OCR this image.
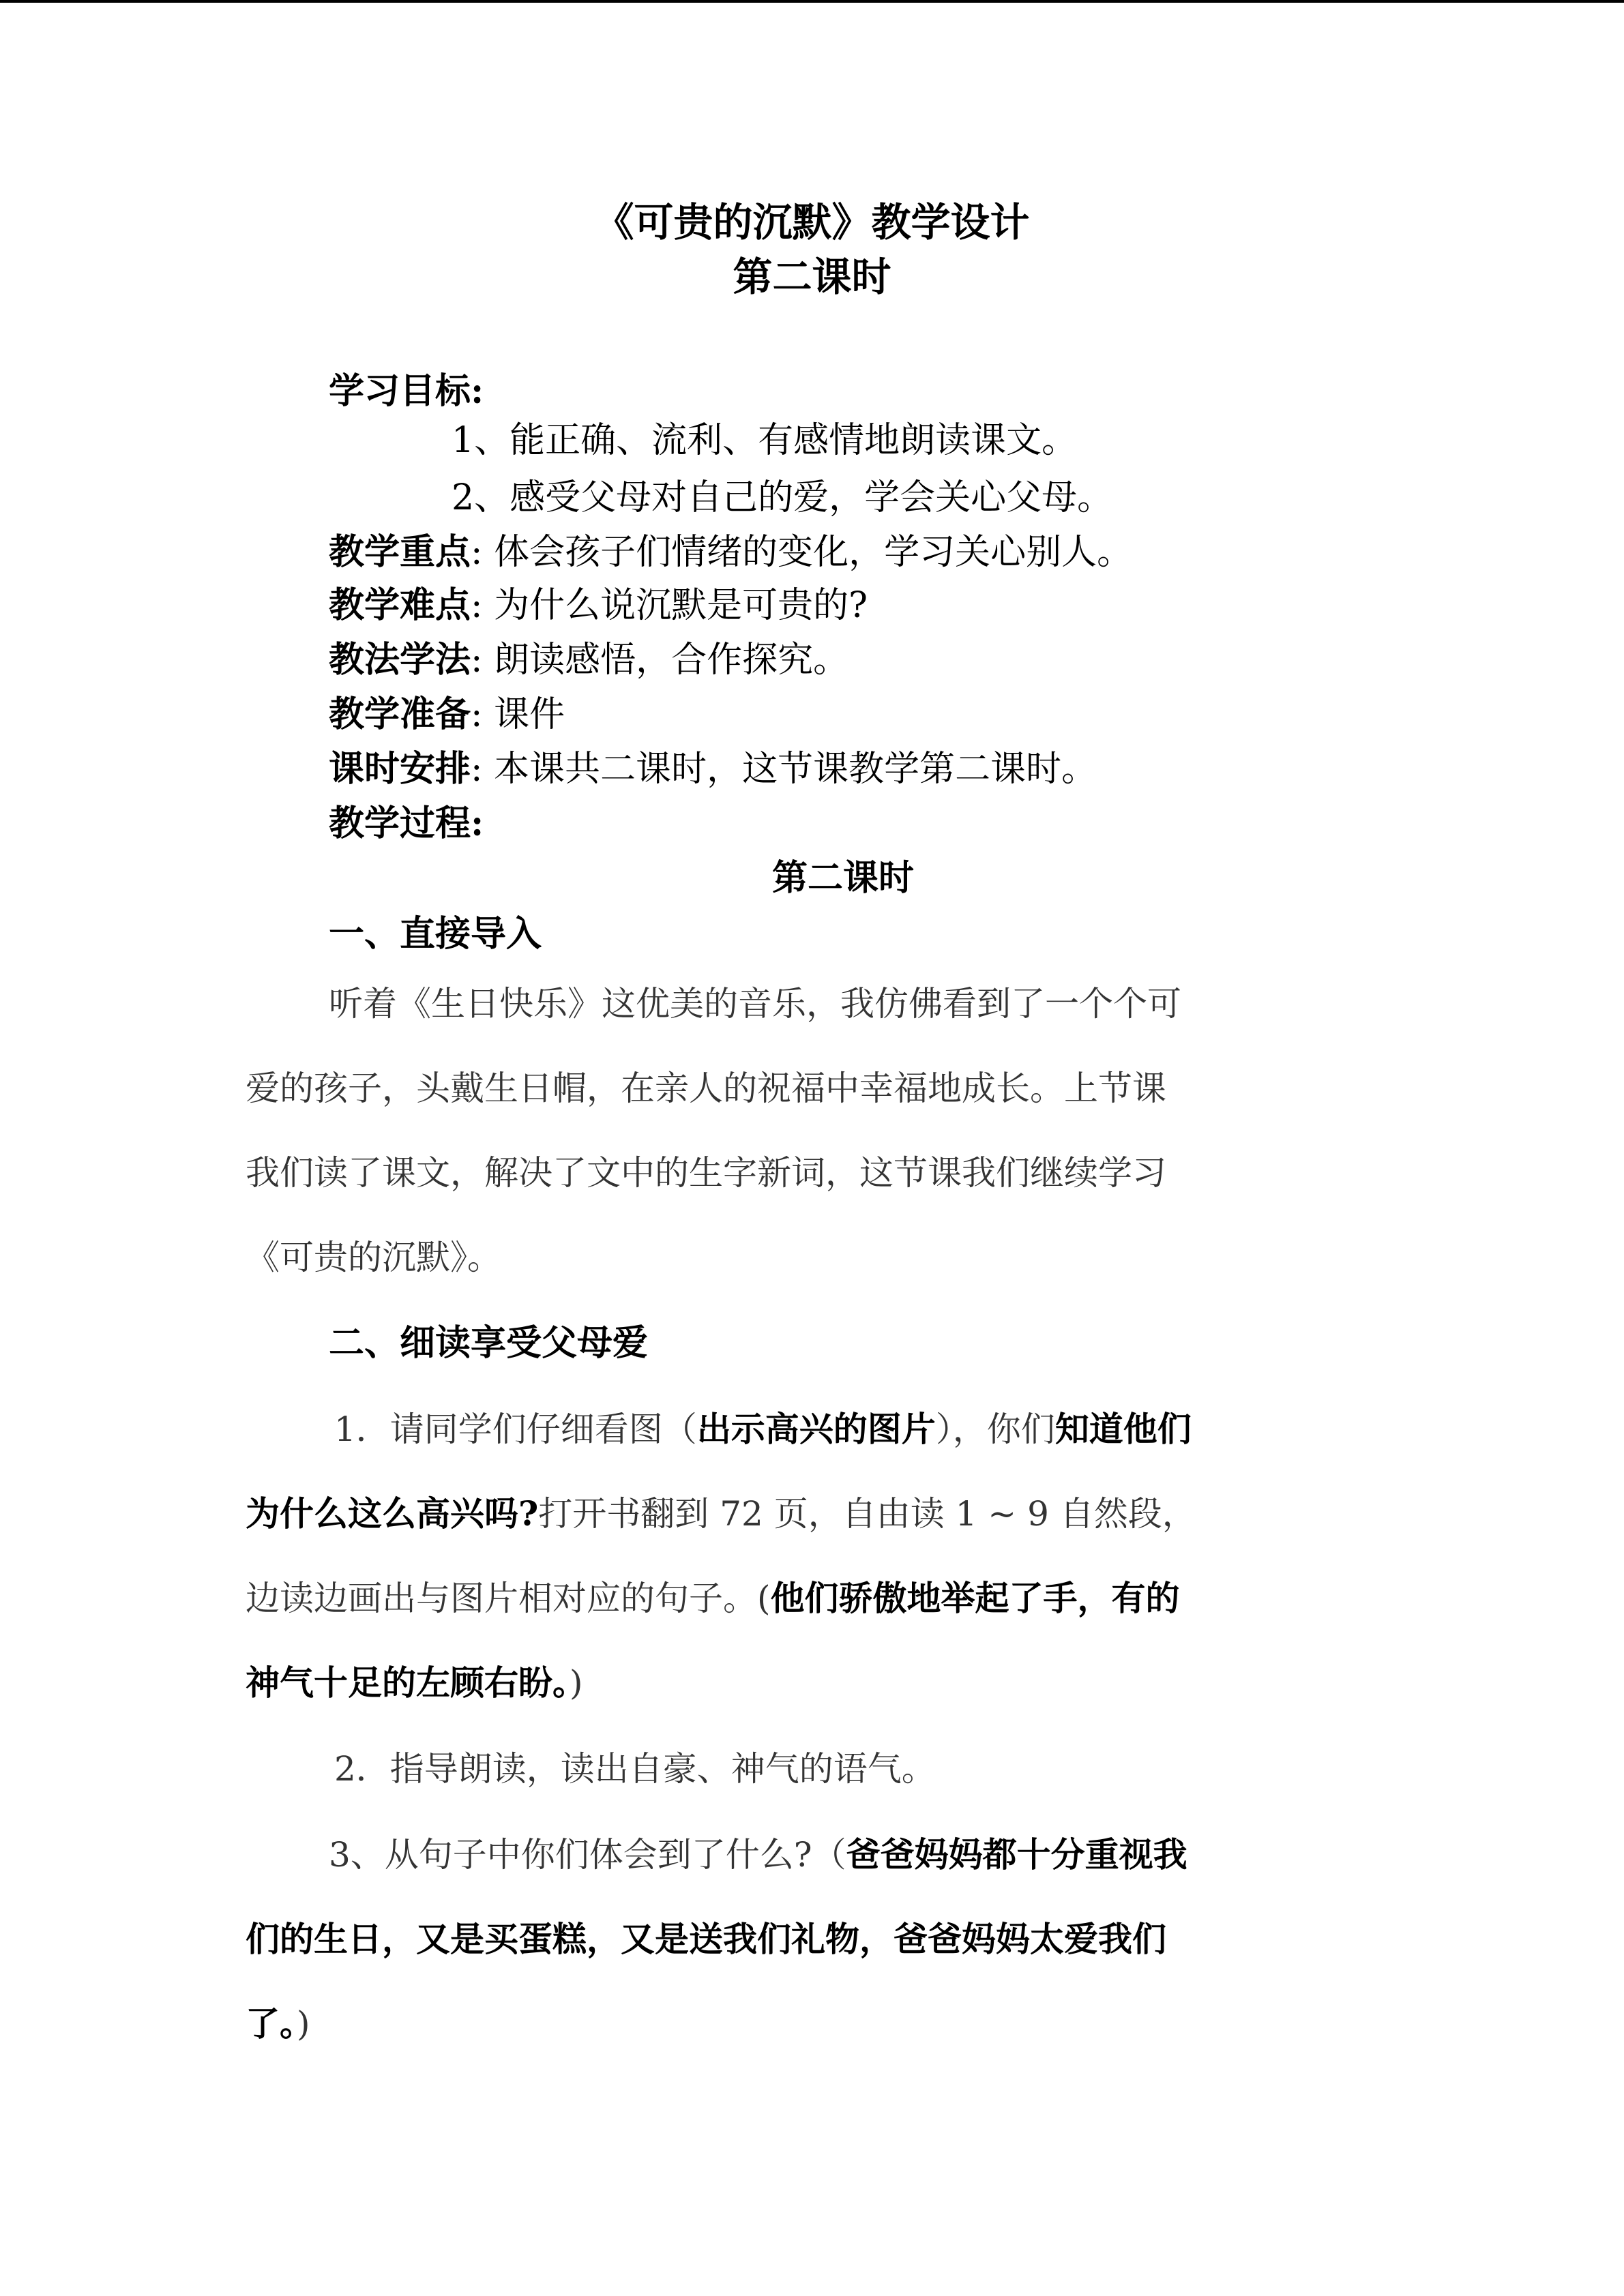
《可贵的沉默》教学设计
第二课时
学习目标:
1、能正确、流利、有感情地朗读课文。
2、感受父母对自己的爱，学会关心父母。
教学重点: 体会孩子们情绪的变化，学习关心别人。
教学难点: 为什么说沉默是可贵的?
教法学法: 朗读感悟，合作探究。
教学准备: 课件
课时安排: 本课共二课时，这节课教学第二课时。
教学过程:
第二课时
一、直接导入
听着《生日快乐》这优美的音乐，我仿佛看到了一个个可
爱的孩子，头戴生日帽，在亲人的祝福中幸福地成长。上节课
我们读了课文，解决了文中的生字新词，这节课我们继续学习
《可贵的沉默》。
二、细读享受父母爱
1．请同学们仔细看图（出示高兴的图片），你们知道他们
为什么这么高兴吗?打开书翻到 72 页，自由读 1 ~ 9 自然段，
边读边画出与图片相对应的句子。(他们骄傲地举起了手，有的
神气十足的左顾右盼。)
2．指导朗读，读出自豪、神气的语气。
3、从句子中你们体会到了什么?（爸爸妈妈都十分重视我
们的生日，又是买蛋糕，又是送我们礼物，爸爸妈妈太爱我们
了。)
